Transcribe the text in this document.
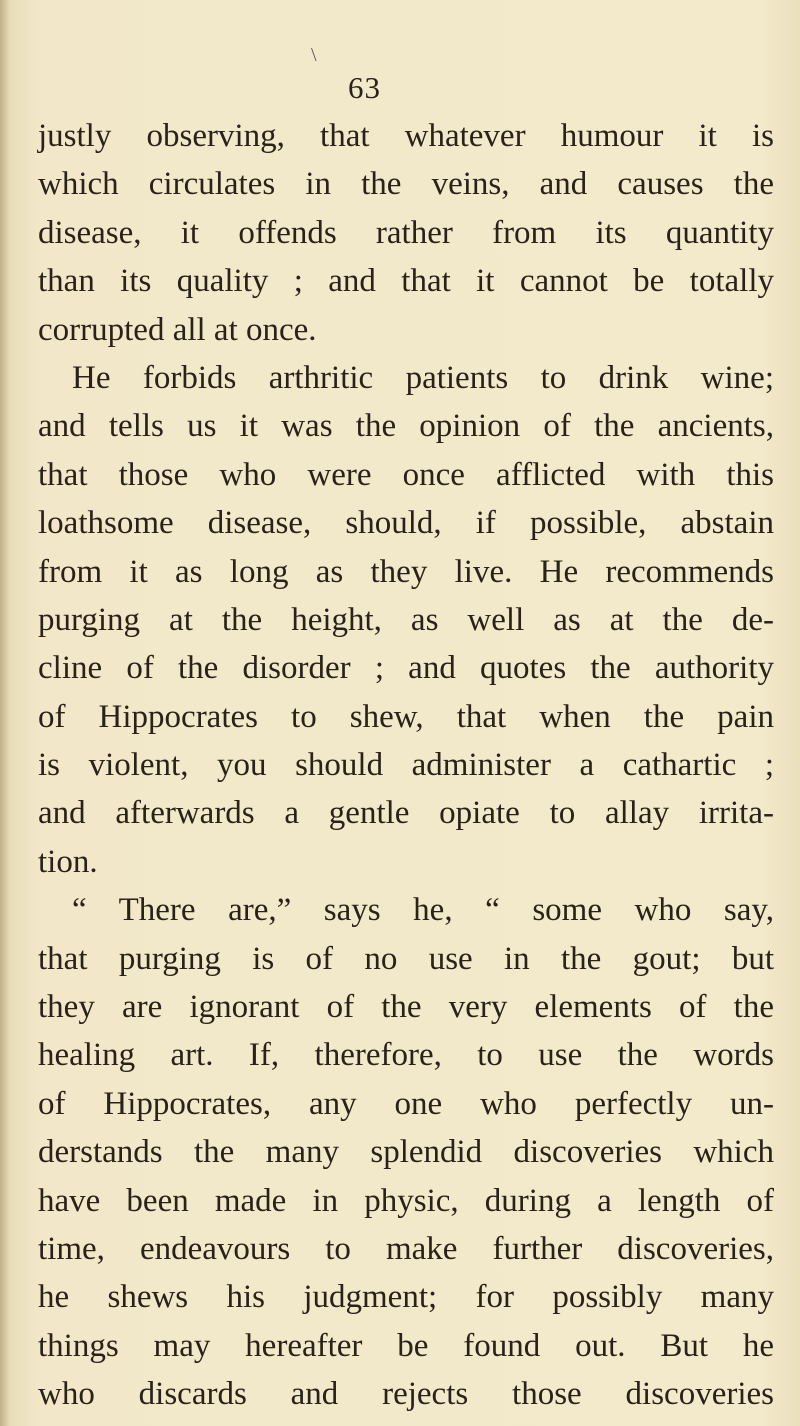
\
63
justly observing, that whatever humour it is
which circulates in the veins, and causes the
disease, it offends rather from its quantity
than its quality ; and that it cannot be totally
corrupted all at once.
He forbids arthritic patients to drink wine;
and tells us it was the opinion of the ancients,
that those who were once afflicted with this
loathsome disease, should, if possible, abstain
from it as long as they live. He recommends
purging at the height, as well as at the de-
cline of the disorder ; and quotes the authority
of Hippocrates to shew, that when the pain
is violent, you should administer a cathartic ;
and afterwards a gentle opiate to allay irrita-
tion.
“ There are,” says he, “ some who say,
that purging is of no use in the gout; but
they are ignorant of the very elements of the
healing art. If, therefore, to use the words
of Hippocrates, any one who perfectly un-
derstands the many splendid discoveries which
have been made in physic, during a length of
time, endeavours to make further discoveries,
he shews his judgment; for possibly many
things may hereafter be found out. But he
who discards and rejects those discoveries
